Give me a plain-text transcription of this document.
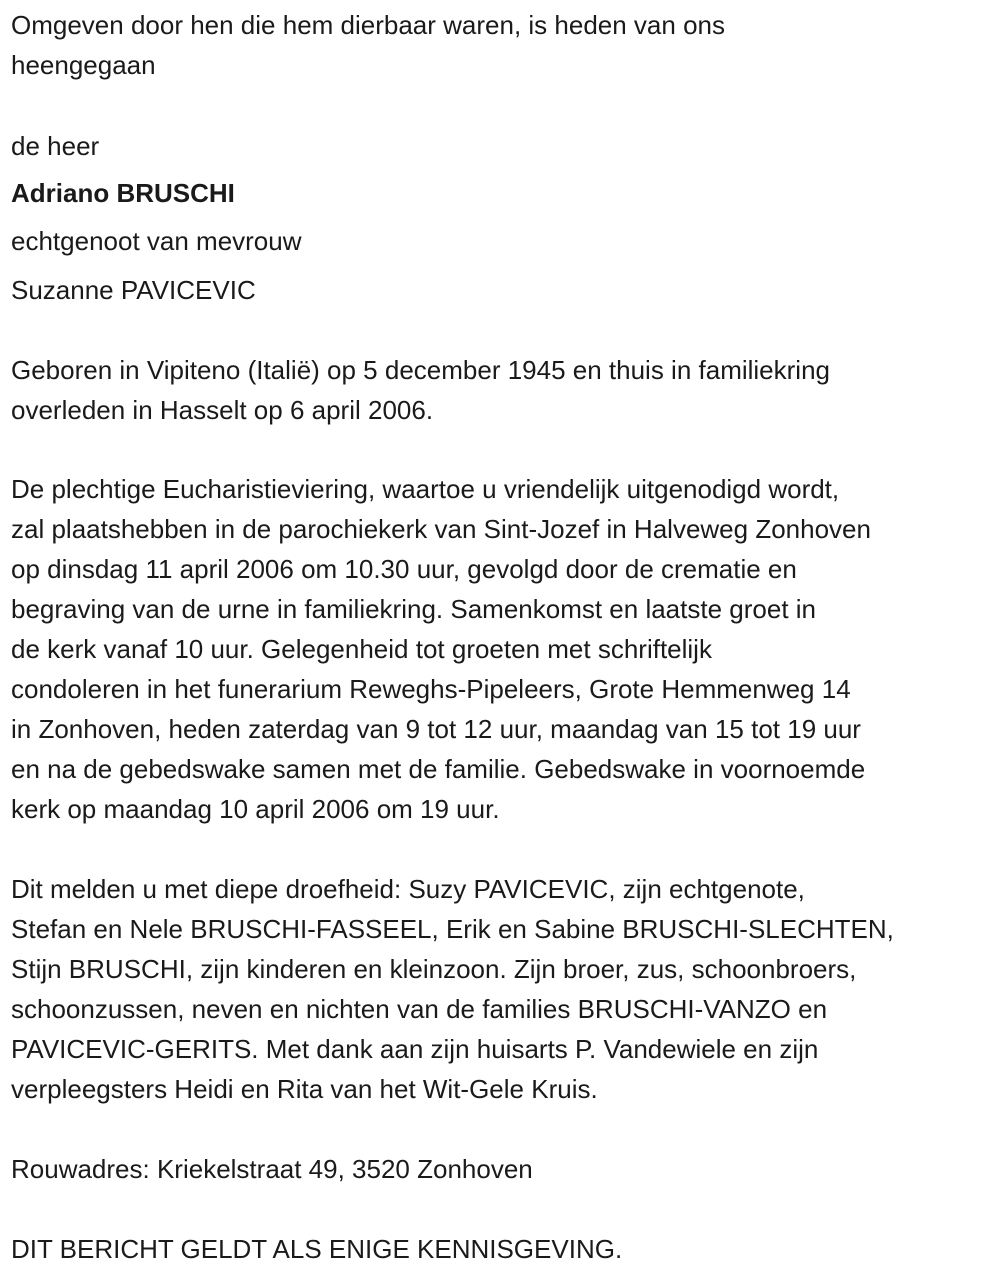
Omgeven door hen die hem dierbaar waren, is heden van ons
heengegaan
de heer
Adriano BRUSCHI
echtgenoot van mevrouw
Suzanne PAVICEVIC
Geboren in Vipiteno (Italië) op 5 december 1945 en thuis in familiekring
overleden in Hasselt op 6 april 2006.
De plechtige Eucharistieviering, waartoe u vriendelijk uitgenodigd wordt,
zal plaatshebben in de parochiekerk van Sint-Jozef in Halveweg Zonhoven
op dinsdag 11 april 2006 om 10.30 uur, gevolgd door de crematie en
begraving van de urne in familiekring. Samenkomst en laatste groet in
de kerk vanaf 10 uur. Gelegenheid tot groeten met schriftelijk
condoleren in het funerarium Reweghs-Pipeleers, Grote Hemmenweg 14
in Zonhoven, heden zaterdag van 9 tot 12 uur, maandag van 15 tot 19 uur
en na de gebedswake samen met de familie. Gebedswake in voornoemde
kerk op maandag 10 april 2006 om 19 uur.
Dit melden u met diepe droefheid: Suzy PAVICEVIC, zijn echtgenote,
Stefan en Nele BRUSCHI-FASSEEL, Erik en Sabine BRUSCHI-SLECHTEN,
Stijn BRUSCHI, zijn kinderen en kleinzoon. Zijn broer, zus, schoonbroers,
schoonzussen, neven en nichten van de families BRUSCHI-VANZO en
PAVICEVIC-GERITS. Met dank aan zijn huisarts P. Vandewiele en zijn
verpleegsters Heidi en Rita van het Wit-Gele Kruis.
Rouwadres: Kriekelstraat 49, 3520 Zonhoven
DIT BERICHT GELDT ALS ENIGE KENNISGEVING.
